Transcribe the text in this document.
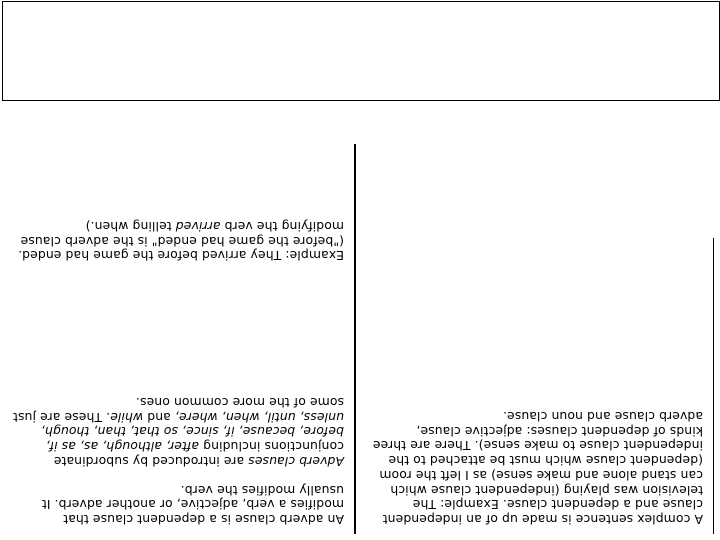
A complex sentence is made up of an independent clause and a dependent clause. Example: The television was playing (independent clause which can stand alone and make sense) as I left the room (dependent clause which must be attached to the independent clause to make sense). There are three kinds of dependent clauses: adjective clause, adverb clause and noun clause.

An adverb clause is a dependent clause that modifies a verb, adjective, or another adverb. It usually modifies the verb.

Adverb clauses are introduced by subordinate conjunctions including after, although, as, as if, before, because, if, since, so that, than, though, unless, until, when, where, and while. These are just some of the more common ones.

Example: They arrived before the game had ended. ("before the game had ended" is the adverb clause modifying the verb arrived telling when.)
